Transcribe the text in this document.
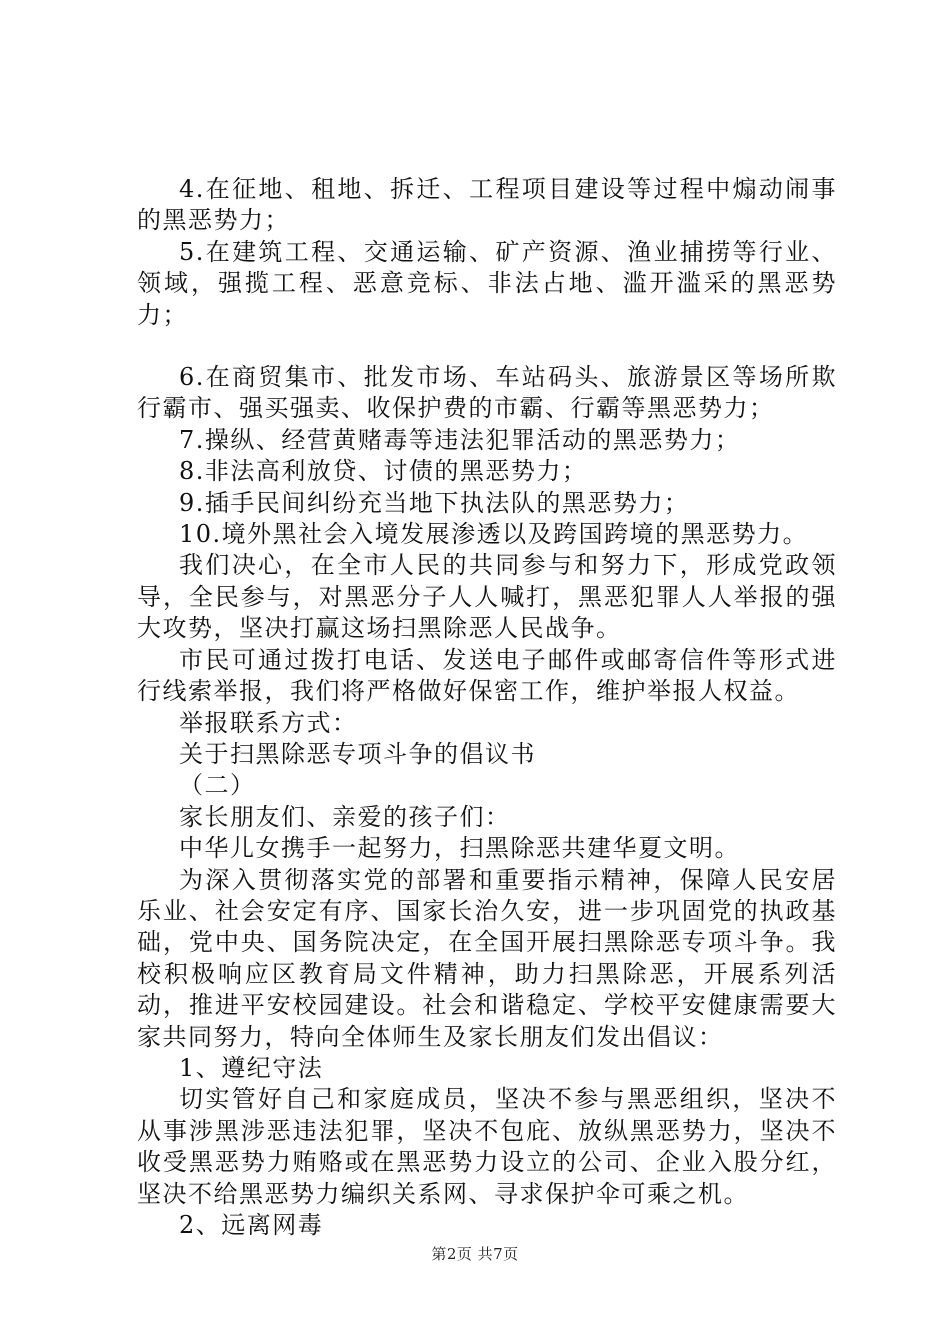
4.在征地、租地、拆迁、工程项目建设等过程中煽动闹事的黑恶势力；

5.在建筑工程、交通运输、矿产资源、渔业捕捞等行业、领域，强揽工程、恶意竞标、非法占地、滥开滥采的黑恶势力；

6.在商贸集市、批发市场、车站码头、旅游景区等场所欺行霸市、强买强卖、收保护费的市霸、行霸等黑恶势力；

7.操纵、经营黄赌毒等违法犯罪活动的黑恶势力；

8.非法高利放贷、讨债的黑恶势力；

9.插手民间纠纷充当地下执法队的黑恶势力；

10.境外黑社会入境发展渗透以及跨国跨境的黑恶势力。

我们决心，在全市人民的共同参与和努力下，形成党政领导，全民参与，对黑恶分子人人喊打，黑恶犯罪人人举报的强大攻势，坚决打赢这场扫黑除恶人民战争。

市民可通过拨打电话、发送电子邮件或邮寄信件等形式进行线索举报，我们将严格做好保密工作，维护举报人权益。

举报联系方式：

关于扫黑除恶专项斗争的倡议书

（二）

家长朋友们、亲爱的孩子们：

中华儿女携手一起努力，扫黑除恶共建华夏文明。

为深入贯彻落实党的部署和重要指示精神，保障人民安居乐业、社会安定有序、国家长治久安，进一步巩固党的执政基础，党中央、国务院决定，在全国开展扫黑除恶专项斗争。我校积极响应区教育局文件精神，助力扫黑除恶，开展系列活动，推进平安校园建设。社会和谐稳定、学校平安健康需要大家共同努力，特向全体师生及家长朋友们发出倡议：

1、遵纪守法

切实管好自己和家庭成员，坚决不参与黑恶组织，坚决不从事涉黑涉恶违法犯罪，坚决不包庇、放纵黑恶势力，坚决不收受黑恶势力贿赂或在黑恶势力设立的公司、企业入股分红，坚决不给黑恶势力编织关系网、寻求保护伞可乘之机。

2、远离网毒

第2页 共7页
